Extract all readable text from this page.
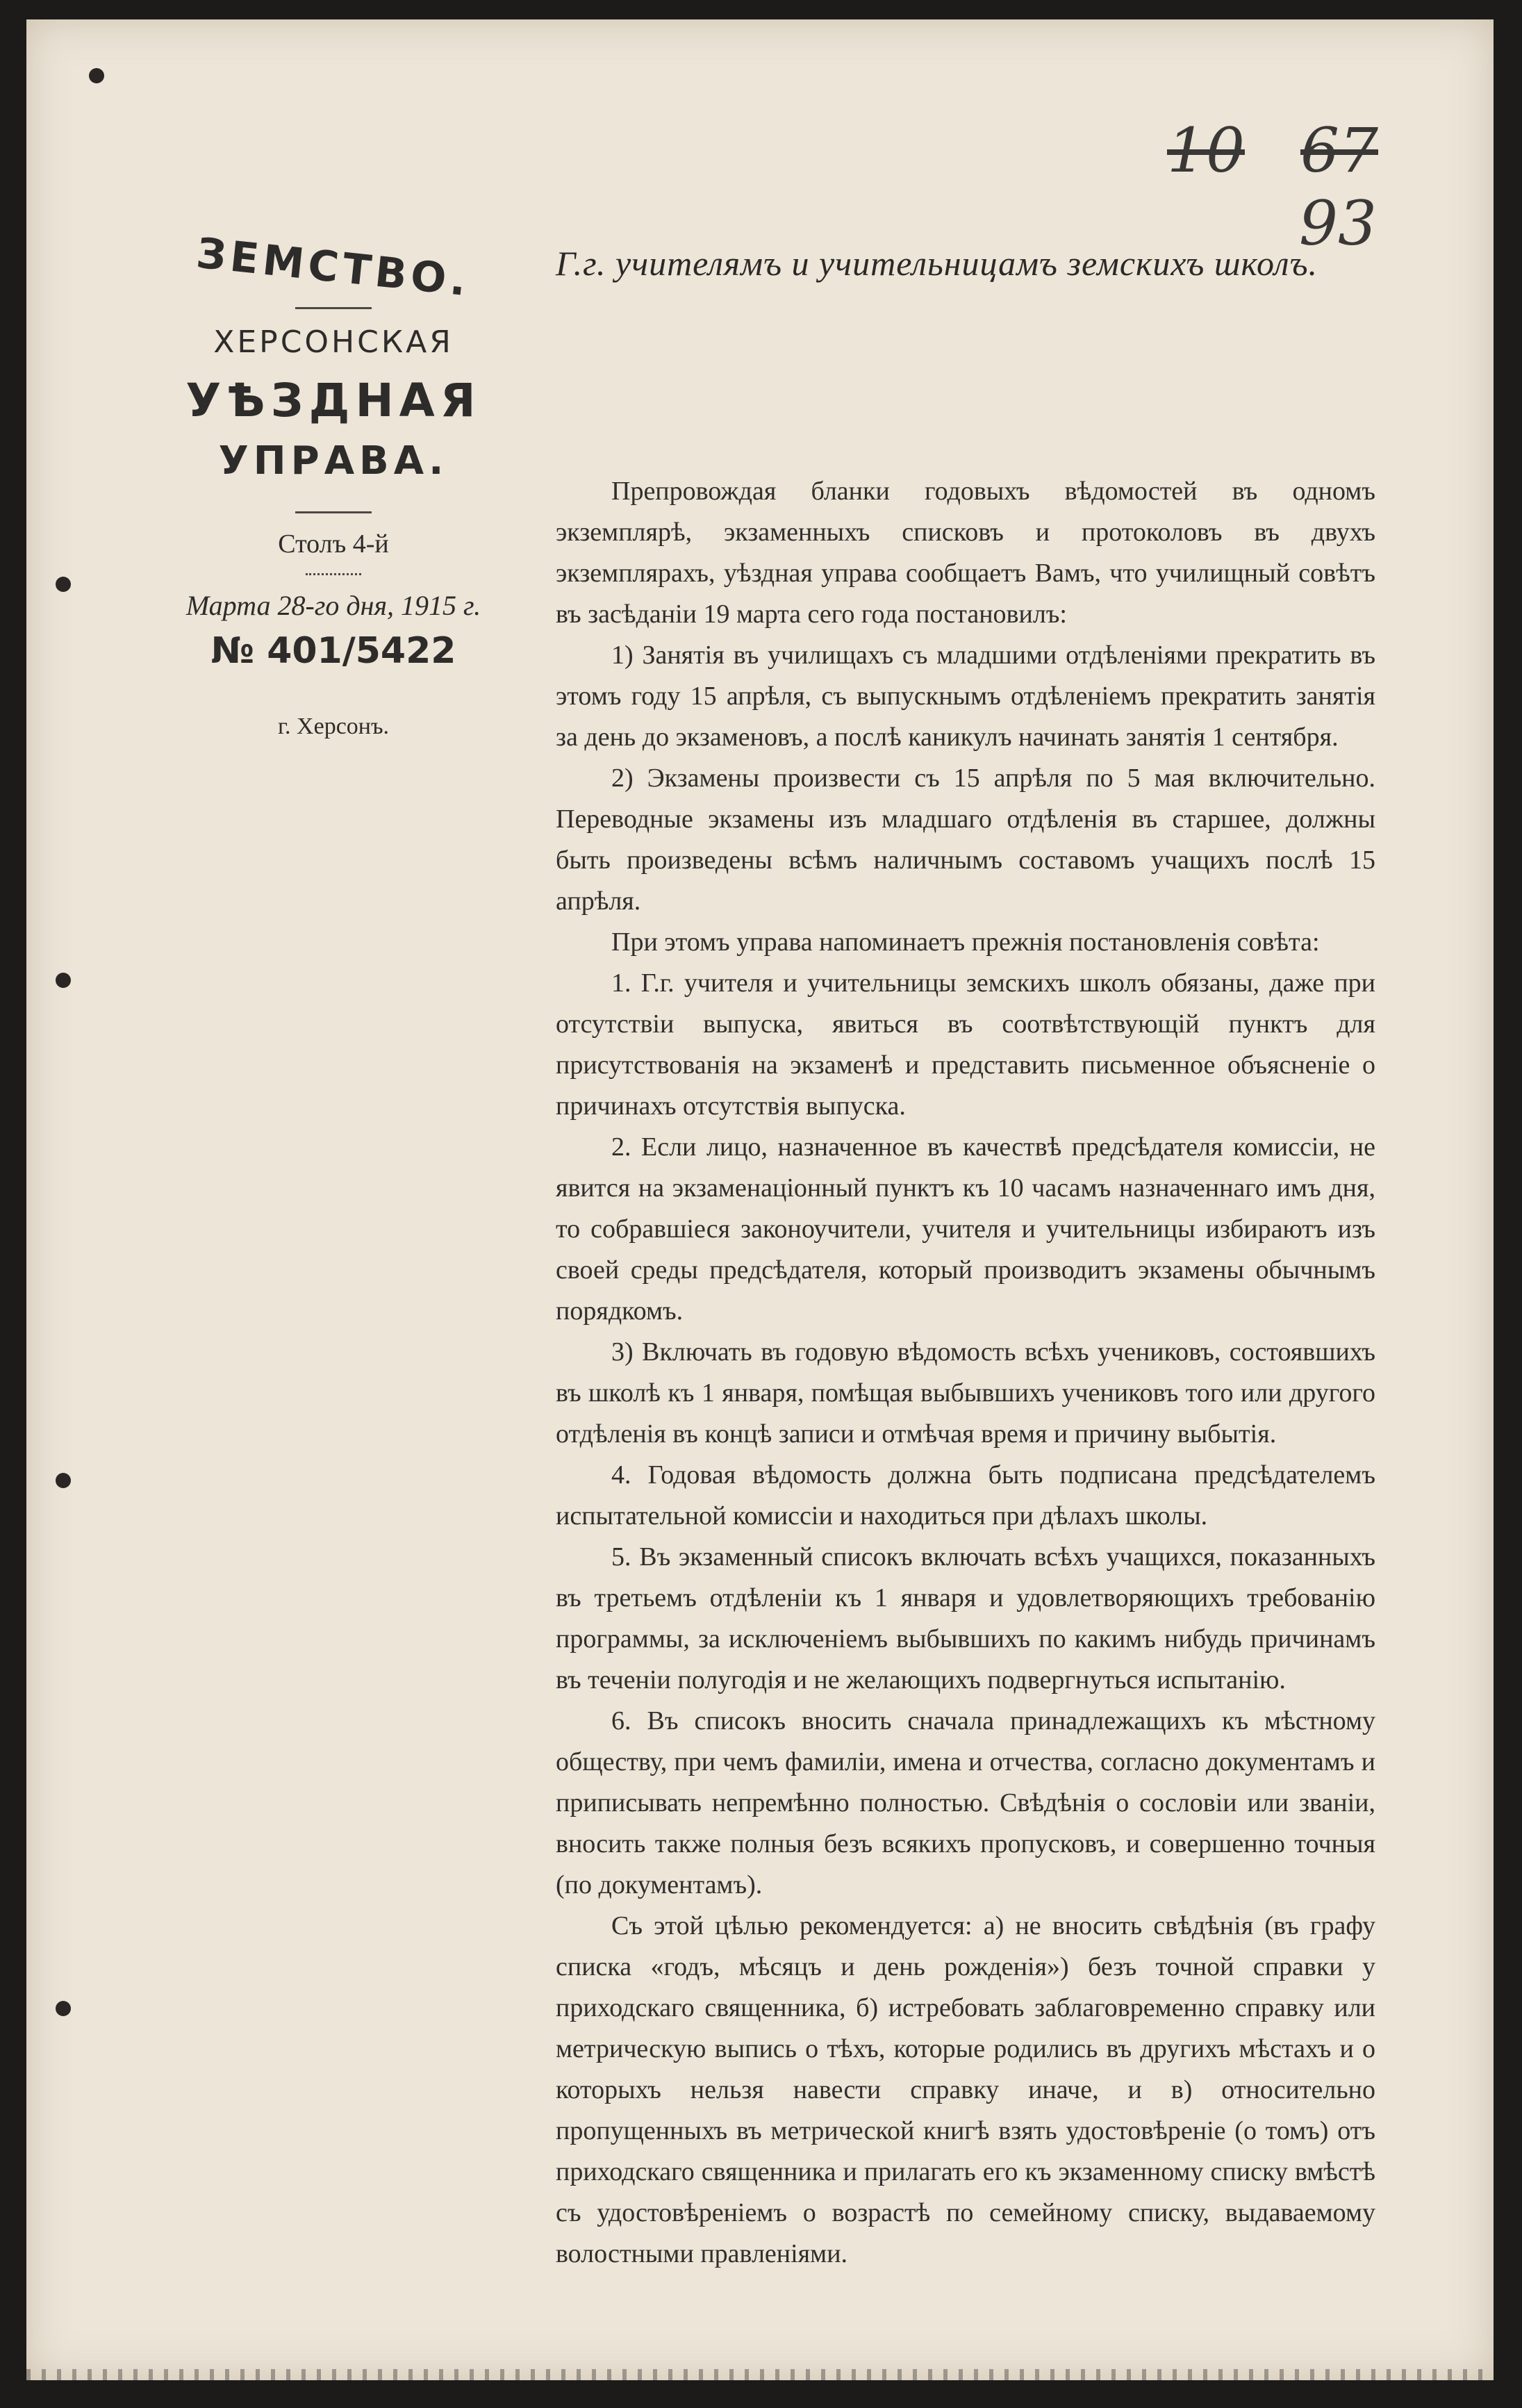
10 67
93
ЗЕМСТВО.
ХЕРСОНСКАЯ
УѢЗДНАЯ
УПРАВА.
Столъ 4-й
Марта 28-го дня, 1915 г.
№ 401/5422
г. Херсонъ.
Г.г. учителямъ и учительницамъ земскихъ школъ.

Препровождая бланки годовыхъ вѣдомостей въ одномъ экземплярѣ, экзаменныхъ списковъ и протоколовъ въ двухъ экземплярахъ, уѣздная управа сообщаетъ Вамъ, что училищный совѣтъ въ засѣданіи 19 марта сего года постановилъ:

1) Занятія въ училищахъ съ младшими отдѣленіями прекратить въ этомъ году 15 апрѣля, съ выпускнымъ отдѣленіемъ прекратить занятія за день до экзаменовъ, а послѣ каникулъ начинать занятія 1 сентября.

2) Экзамены произвести съ 15 апрѣля по 5 мая включительно. Переводные экзамены изъ младшаго отдѣленія въ старшее, должны быть произведены всѣмъ наличнымъ составомъ учащихъ послѣ 15 апрѣля.

При этомъ управа напоминаетъ прежнія постановленія совѣта:

1. Г.г. учителя и учительницы земскихъ школъ обязаны, даже при отсутствіи выпуска, явиться въ соотвѣтствующій пунктъ для присутствованія на экзаменѣ и представить письменное объясненіе о причинахъ отсутствія выпуска.

2. Если лицо, назначенное въ качествѣ предсѣдателя комиссіи, не явится на экзаменаціонный пунктъ къ 10 часамъ назначеннаго имъ дня, то собравшіеся законоучители, учителя и учительницы избираютъ изъ своей среды предсѣдателя, который производитъ экзамены обычнымъ порядкомъ.

3) Включать въ годовую вѣдомость всѣхъ учениковъ, состоявшихъ въ школѣ къ 1 января, помѣщая выбывшихъ учениковъ того или другого отдѣленія въ концѣ записи и отмѣчая время и причину выбытія.

4. Годовая вѣдомость должна быть подписана предсѣдателемъ испытательной комиссіи и находиться при дѣлахъ школы.

5. Въ экзаменный списокъ включать всѣхъ учащихся, показанныхъ въ третьемъ отдѣленіи къ 1 января и удовлетворяющихъ требованію программы, за исключеніемъ выбывшихъ по какимъ нибудь причинамъ въ теченіи полугодія и не желающихъ подвергнуться испытанію.

6. Въ списокъ вносить сначала принадлежащихъ къ мѣстному обществу, при чемъ фамиліи, имена и отчества, согласно документамъ и приписывать непремѣнно полностью. Свѣдѣнія о сословіи или званіи, вносить также полныя безъ всякихъ пропусковъ, и совершенно точныя (по документамъ).

Съ этой цѣлью рекомендуется: а) не вносить свѣдѣнія (въ графу списка «годъ, мѣсяцъ и день рожденія») безъ точной справки у приходскаго священника, б) истребовать заблаговременно справку или метрическую выпись о тѣхъ, которые родились въ другихъ мѣстахъ и о которыхъ нельзя навести справку иначе, и в) относительно пропущенныхъ въ метрической книгѣ взять удостовѣреніе (о томъ) отъ приходскаго священника и прилагать его къ экзаменному списку вмѣстѣ съ удостовѣреніемъ о возрастѣ по семейному списку, выдаваемому волостными правленіями.
